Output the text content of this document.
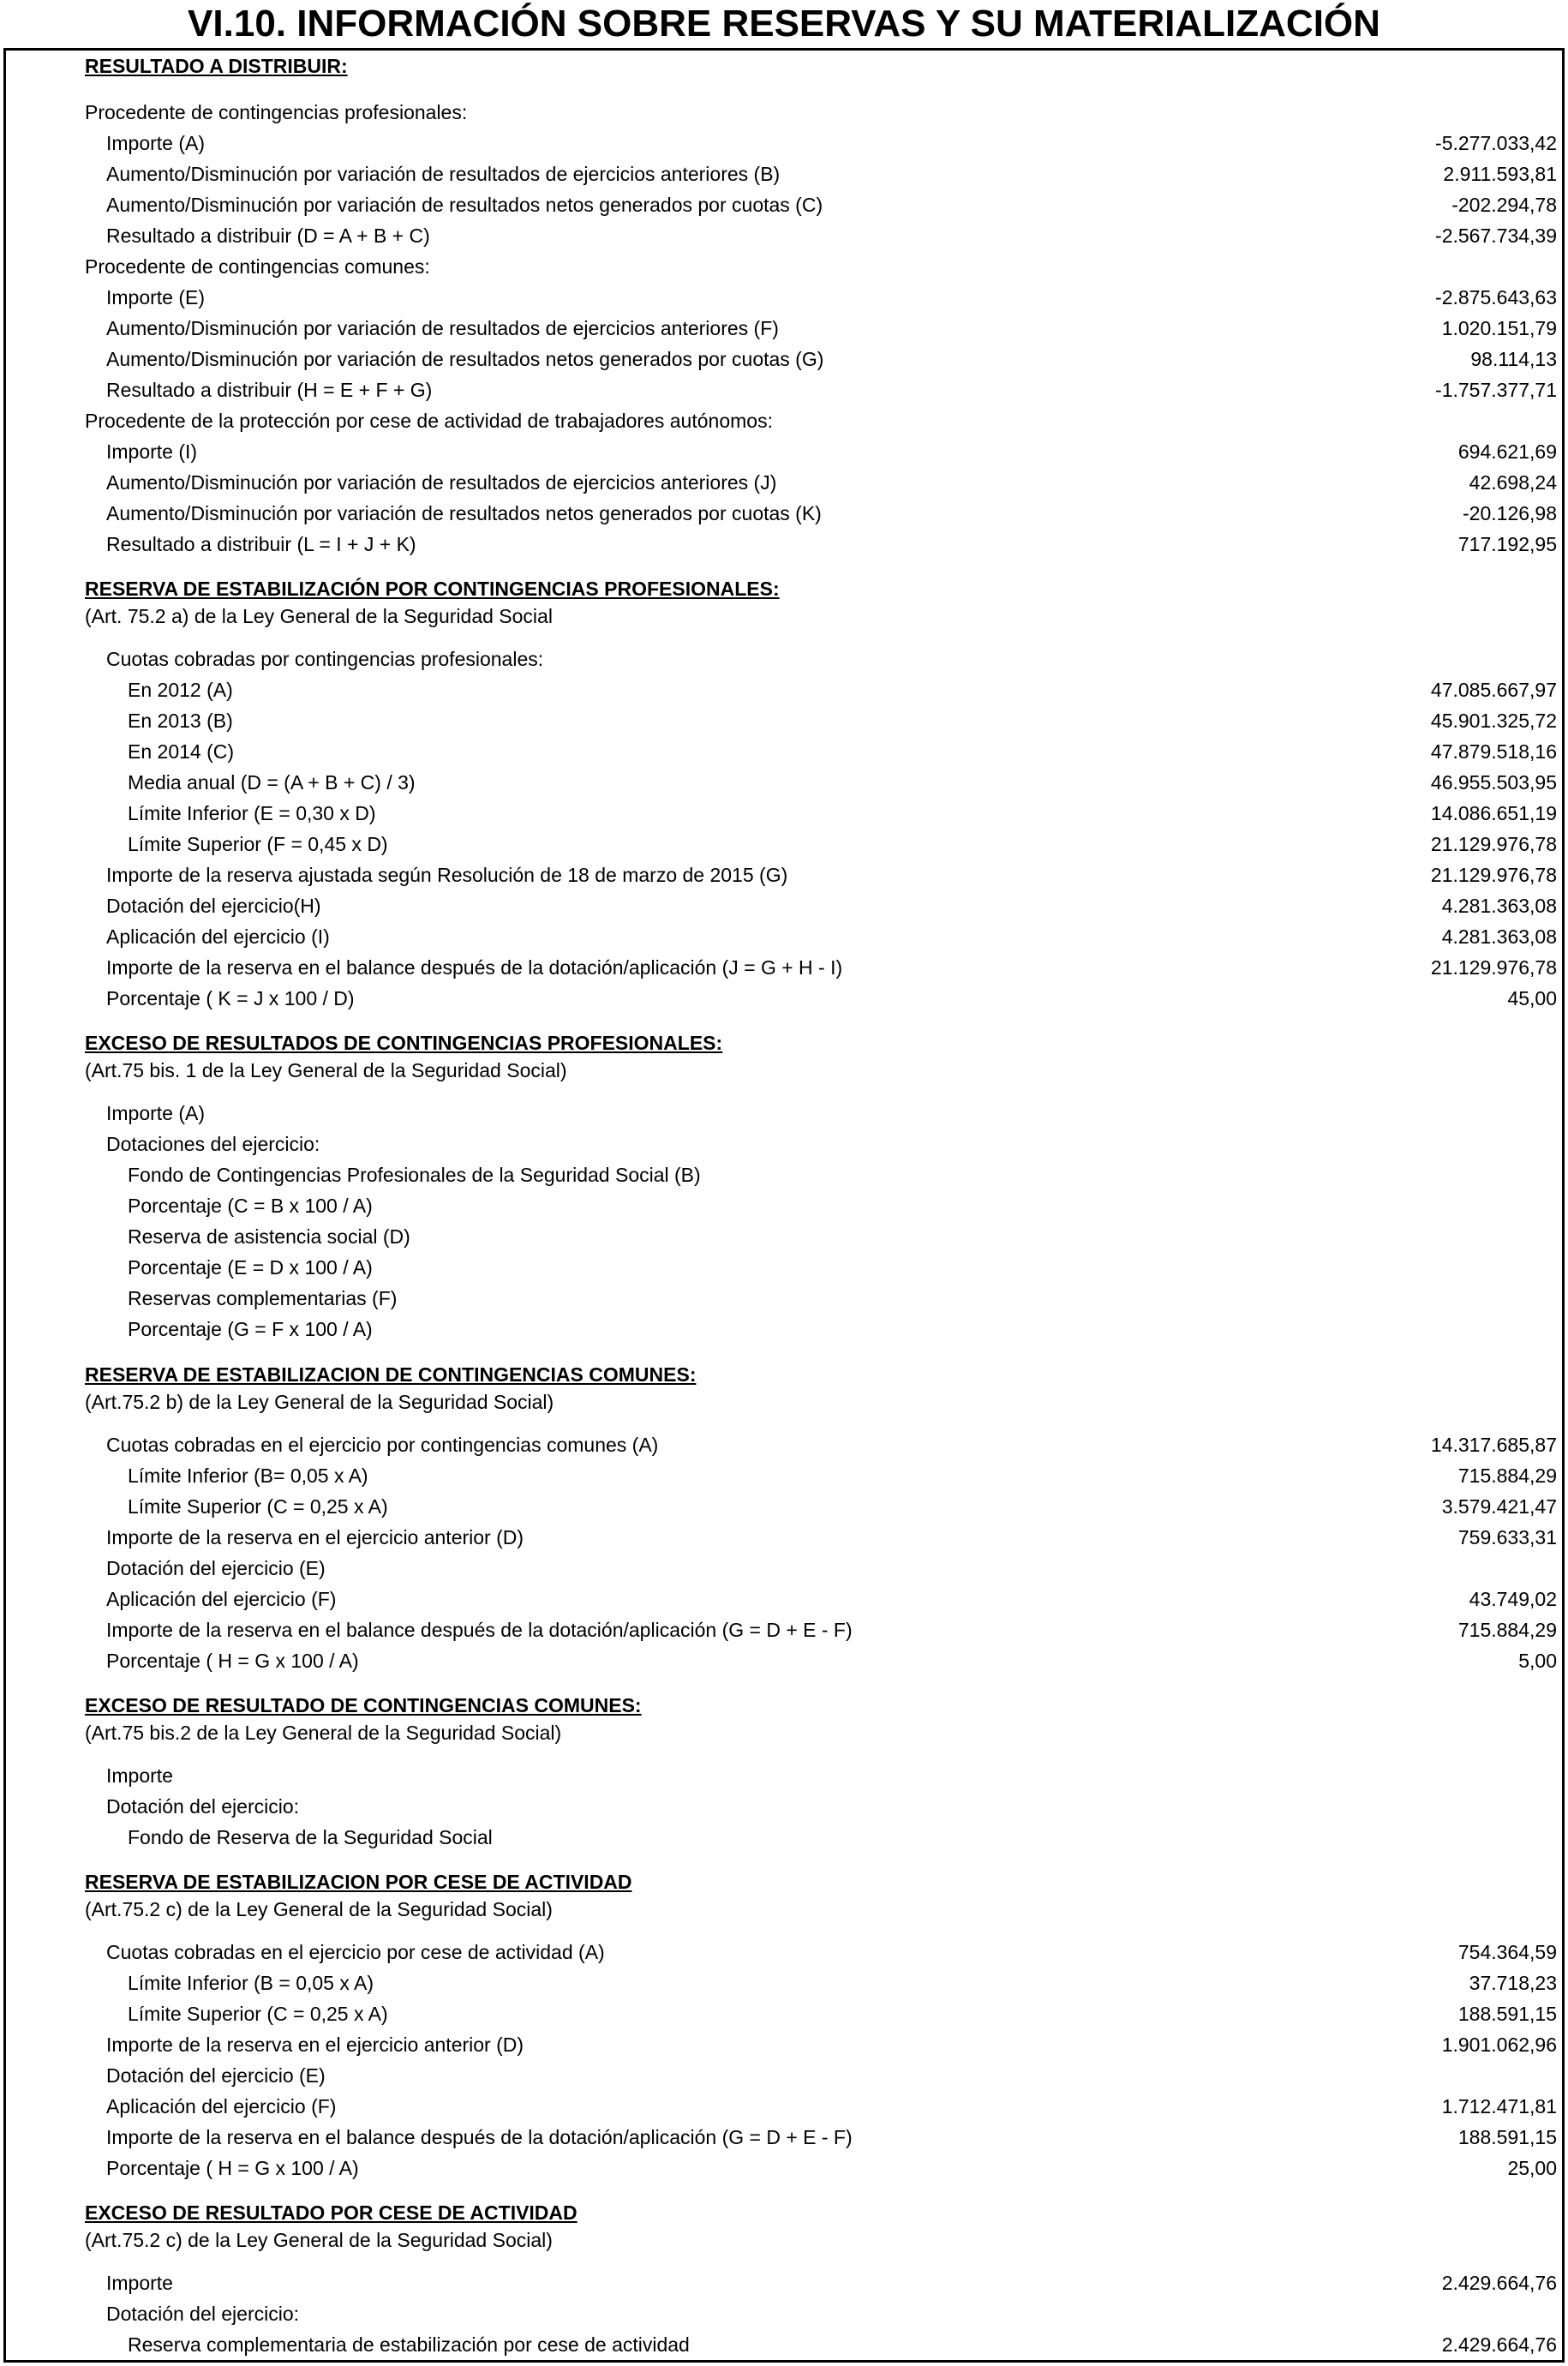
VI.10. INFORMACIÓN SOBRE RESERVAS Y SU MATERIALIZACIÓN
RESULTADO A DISTRIBUIR:
Procedente de contingencias profesionales:
Importe (A)	-5.277.033,42
Aumento/Disminución por variación de resultados de ejercicios anteriores (B)	2.911.593,81
Aumento/Disminución por variación de resultados netos generados por cuotas (C)	-202.294,78
Resultado a distribuir (D = A + B + C)	-2.567.734,39
Procedente de contingencias comunes:
Importe (E)	-2.875.643,63
Aumento/Disminución por variación de resultados de ejercicios anteriores (F)	1.020.151,79
Aumento/Disminución por variación de resultados netos generados por cuotas (G)	98.114,13
Resultado a distribuir (H = E + F + G)	-1.757.377,71
Procedente de la protección por cese de actividad de trabajadores autónomos:
Importe (I)	694.621,69
Aumento/Disminución por variación de resultados de ejercicios anteriores (J)	42.698,24
Aumento/Disminución por variación de resultados netos generados por cuotas (K)	-20.126,98
Resultado a distribuir (L = I + J + K)	717.192,95
RESERVA DE ESTABILIZACIÓN POR CONTINGENCIAS PROFESIONALES:
(Art. 75.2 a) de la Ley General de la Seguridad Social
Cuotas cobradas por contingencias profesionales:
En 2012 (A)	47.085.667,97
En 2013 (B)	45.901.325,72
En 2014 (C)	47.879.518,16
Media anual (D = (A + B + C) / 3)	46.955.503,95
Límite Inferior (E = 0,30 x D)	14.086.651,19
Límite Superior (F = 0,45 x D)	21.129.976,78
Importe de la reserva ajustada según Resolución de 18 de marzo de 2015 (G)	21.129.976,78
Dotación del ejercicio(H)	4.281.363,08
Aplicación del ejercicio (I)	4.281.363,08
Importe de la reserva en el balance después de la dotación/aplicación (J = G + H - I)	21.129.976,78
Porcentaje ( K = J x 100 / D)	45,00
EXCESO DE RESULTADOS DE CONTINGENCIAS PROFESIONALES:
(Art.75 bis. 1 de la Ley General de la Seguridad Social)
Importe (A)
Dotaciones del ejercicio:
Fondo de Contingencias Profesionales de la Seguridad Social (B)
Porcentaje (C = B x 100 / A)
Reserva de asistencia social (D)
Porcentaje (E = D x 100 / A)
Reservas complementarias (F)
Porcentaje (G = F x 100 / A)
RESERVA DE ESTABILIZACION DE CONTINGENCIAS COMUNES:
(Art.75.2 b) de la Ley General de la Seguridad Social)
Cuotas cobradas en el ejercicio por contingencias comunes (A)	14.317.685,87
Límite Inferior (B= 0,05 x A)	715.884,29
Límite Superior (C = 0,25 x A)	3.579.421,47
Importe de la reserva en el ejercicio anterior (D)	759.633,31
Dotación del ejercicio (E)
Aplicación del ejercicio (F)	43.749,02
Importe de la reserva en el balance después de la dotación/aplicación (G = D + E - F)	715.884,29
Porcentaje ( H = G x 100 / A)	5,00
EXCESO DE RESULTADO DE CONTINGENCIAS COMUNES:
(Art.75 bis.2 de la Ley General de la Seguridad Social)
Importe
Dotación del ejercicio:
Fondo de Reserva de la Seguridad Social
RESERVA DE ESTABILIZACION POR CESE DE ACTIVIDAD
(Art.75.2 c) de la Ley General de la Seguridad Social)
Cuotas cobradas en el ejercicio por cese de actividad (A)	754.364,59
Límite Inferior (B = 0,05 x A)	37.718,23
Límite Superior (C = 0,25 x A)	188.591,15
Importe de la reserva en el ejercicio anterior (D)	1.901.062,96
Dotación del ejercicio (E)
Aplicación del ejercicio (F)	1.712.471,81
Importe de la reserva en el balance después de la dotación/aplicación (G = D + E - F)	188.591,15
Porcentaje ( H = G x 100 / A)	25,00
EXCESO DE RESULTADO POR CESE DE ACTIVIDAD
(Art.75.2 c) de la Ley General de la Seguridad Social)
Importe	2.429.664,76
Dotación del ejercicio:
Reserva complementaria de estabilización por cese de actividad	2.429.664,76
